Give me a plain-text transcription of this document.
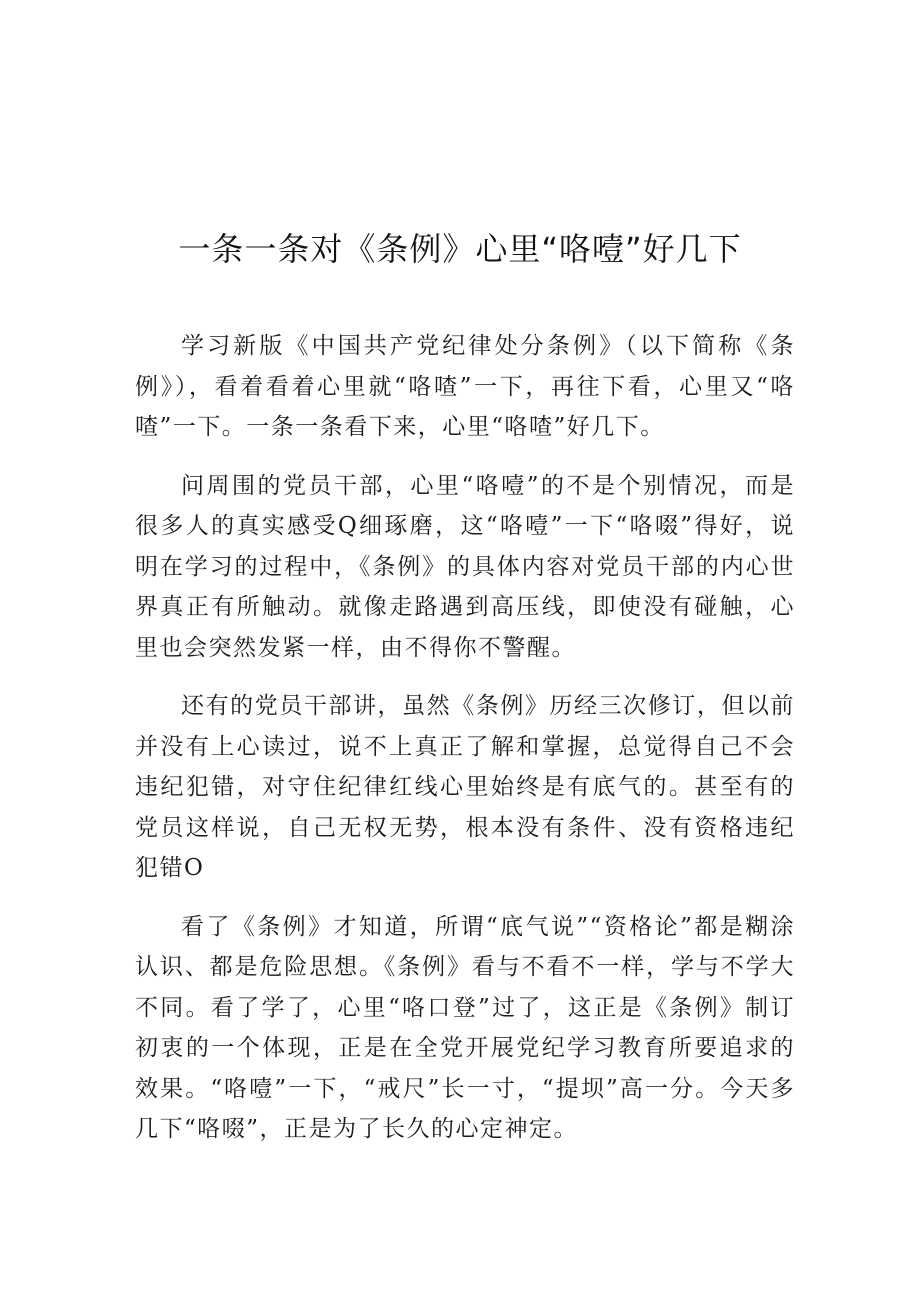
一条一条对《条例》心里“咯噎”好几下

学习新版《中国共产党纪律处分条例》（以下简称《条例》），看着看着心里就“咯喳”一下，再往下看，心里又“咯喳”一下。一条一条看下来，心里“咯喳”好几下。

问周围的党员干部，心里“咯噎”的不是个别情况，而是很多人的真实感受Q细琢磨，这“咯噎”一下“咯啜”得好，说明在学习的过程中，《条例》的具体内容对党员干部的内心世界真正有所触动。就像走路遇到高压线，即使没有碰触，心里也会突然发紧一样，由不得你不警醒。

还有的党员干部讲，虽然《条例》历经三次修订，但以前并没有上心读过，说不上真正了解和掌握，总觉得自己不会违纪犯错，对守住纪律红线心里始终是有底气的。甚至有的党员这样说，自己无权无势，根本没有条件、没有资格违纪犯错O

看了《条例》才知道，所谓“底气说”“资格论”都是糊涂认识、都是危险思想。《条例》看与不看不一样，学与不学大不同。看了学了，心里“咯口登”过了，这正是《条例》制订初衷的一个体现，正是在全党开展党纪学习教育所要追求的效果。“咯噎”一下，“戒尺”长一寸，“提坝”高一分。今天多几下“咯啜”，正是为了长久的心定神定。
